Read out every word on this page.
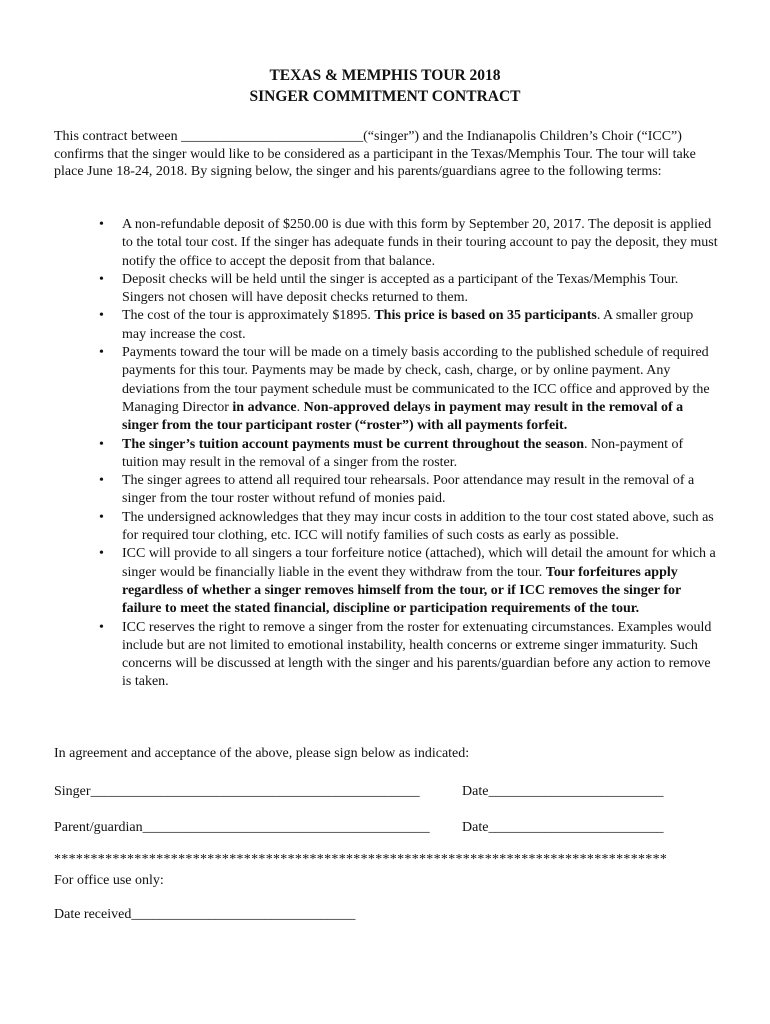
TEXAS & MEMPHIS TOUR 2018
SINGER COMMITMENT CONTRACT

This contract between __________________________(“singer”) and the Indianapolis Children’s Choir (“ICC”) confirms that the singer would like to be considered as a participant in the Texas/Memphis Tour. The tour will take place June 18-24, 2018. By signing below, the singer and his parents/guardians agree to the following terms:

• A non-refundable deposit of $250.00 is due with this form by September 20, 2017. The deposit is applied to the total tour cost. If the singer has adequate funds in their touring account to pay the deposit, they must notify the office to accept the deposit from that balance.
• Deposit checks will be held until the singer is accepted as a participant of the Texas/Memphis Tour. Singers not chosen will have deposit checks returned to them.
• The cost of the tour is approximately $1895. This price is based on 35 participants. A smaller group may increase the cost.
• Payments toward the tour will be made on a timely basis according to the published schedule of required payments for this tour. Payments may be made by check, cash, charge, or by online payment. Any deviations from the tour payment schedule must be communicated to the ICC office and approved by the Managing Director in advance. Non-approved delays in payment may result in the removal of a singer from the tour participant roster (“roster”) with all payments forfeit.
• The singer’s tuition account payments must be current throughout the season. Non-payment of tuition may result in the removal of a singer from the roster.
• The singer agrees to attend all required tour rehearsals. Poor attendance may result in the removal of a singer from the tour roster without refund of monies paid.
• The undersigned acknowledges that they may incur costs in addition to the tour cost stated above, such as for required tour clothing, etc. ICC will notify families of such costs as early as possible.
• ICC will provide to all singers a tour forfeiture notice (attached), which will detail the amount for which a singer would be financially liable in the event they withdraw from the tour. Tour forfeitures apply regardless of whether a singer removes himself from the tour, or if ICC removes the singer for failure to meet the stated financial, discipline or participation requirements of the tour.
• ICC reserves the right to remove a singer from the roster for extenuating circumstances. Examples would include but are not limited to emotional instability, health concerns or extreme singer immaturity. Such concerns will be discussed at length with the singer and his parents/guardian before any action to remove is taken.
In agreement and acceptance of the above, please sign below as indicated:
Singer_______________________________________________	Date_________________________
Parent/guardian_________________________________________ Date_________________________
************************************************************************************
For office use only:
Date received________________________________
